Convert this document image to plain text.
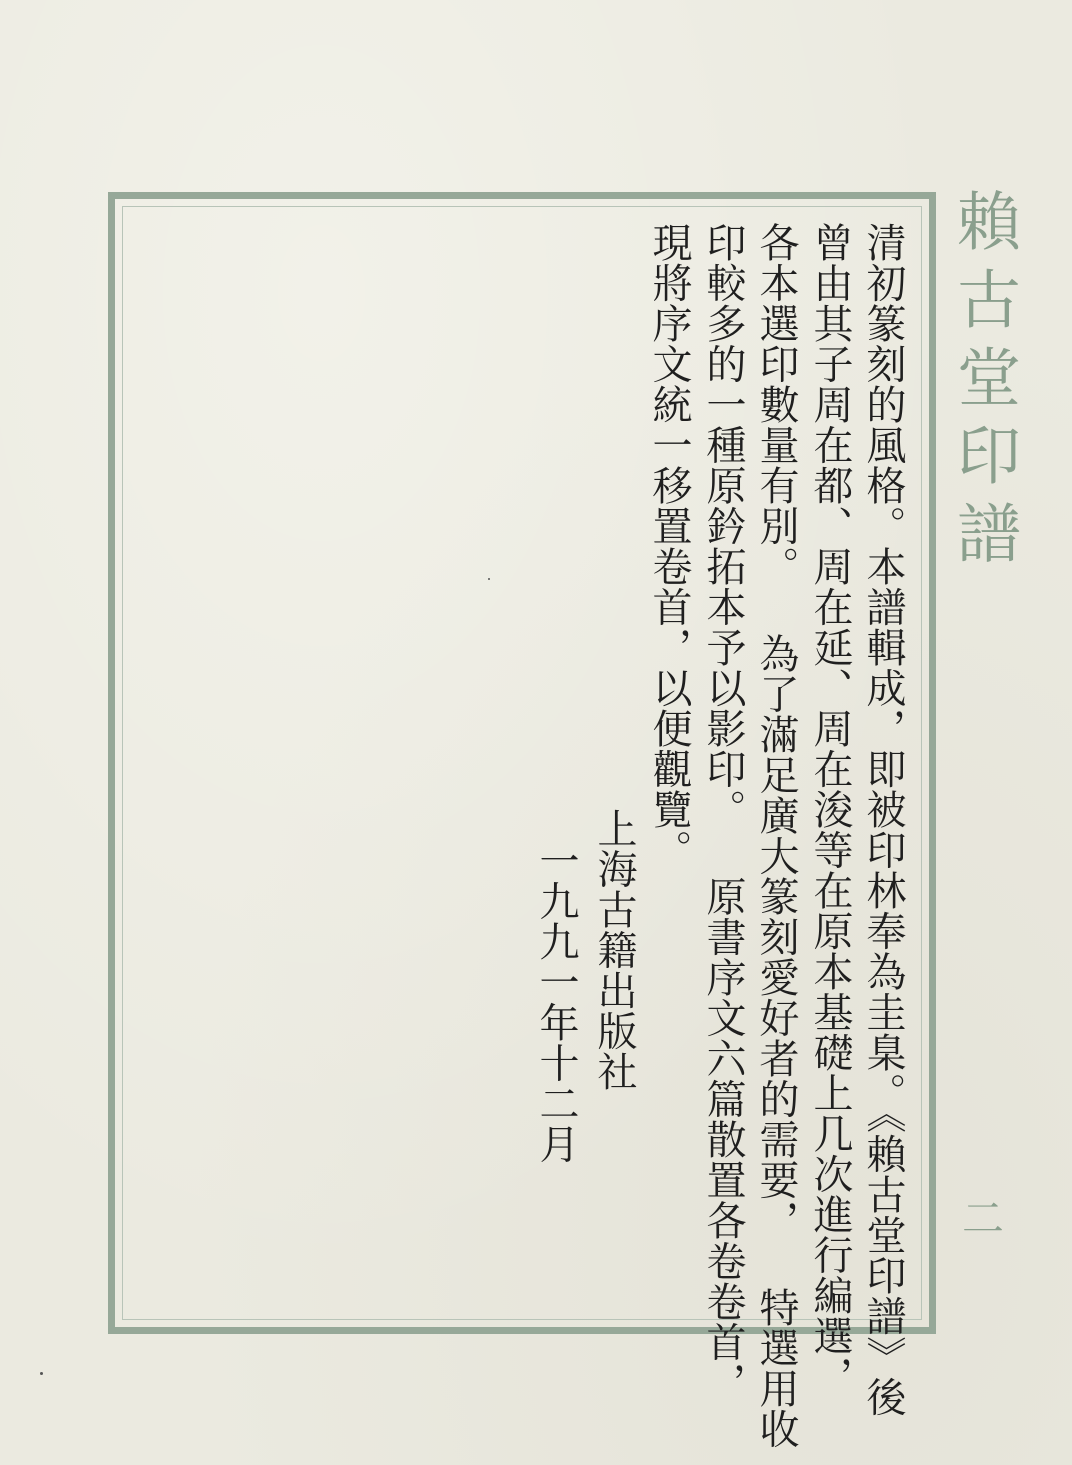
賴古堂印譜
清初篆刻的風格。本譜輯成，即被印林奉為圭臬。《賴古堂印譜》後
曾由其子周在都、周在延、周在浚等在原本基礎上几次進行編選，
各本選印數量有別。 為了滿足廣大篆刻愛好者的需要， 特選用收
印較多的一種原鈐拓本予以影印。 原書序文六篇散置各卷卷首，
現將序文統一移置卷首，以便觀覽。
上海古籍出版社
一九九一年十二月
二
